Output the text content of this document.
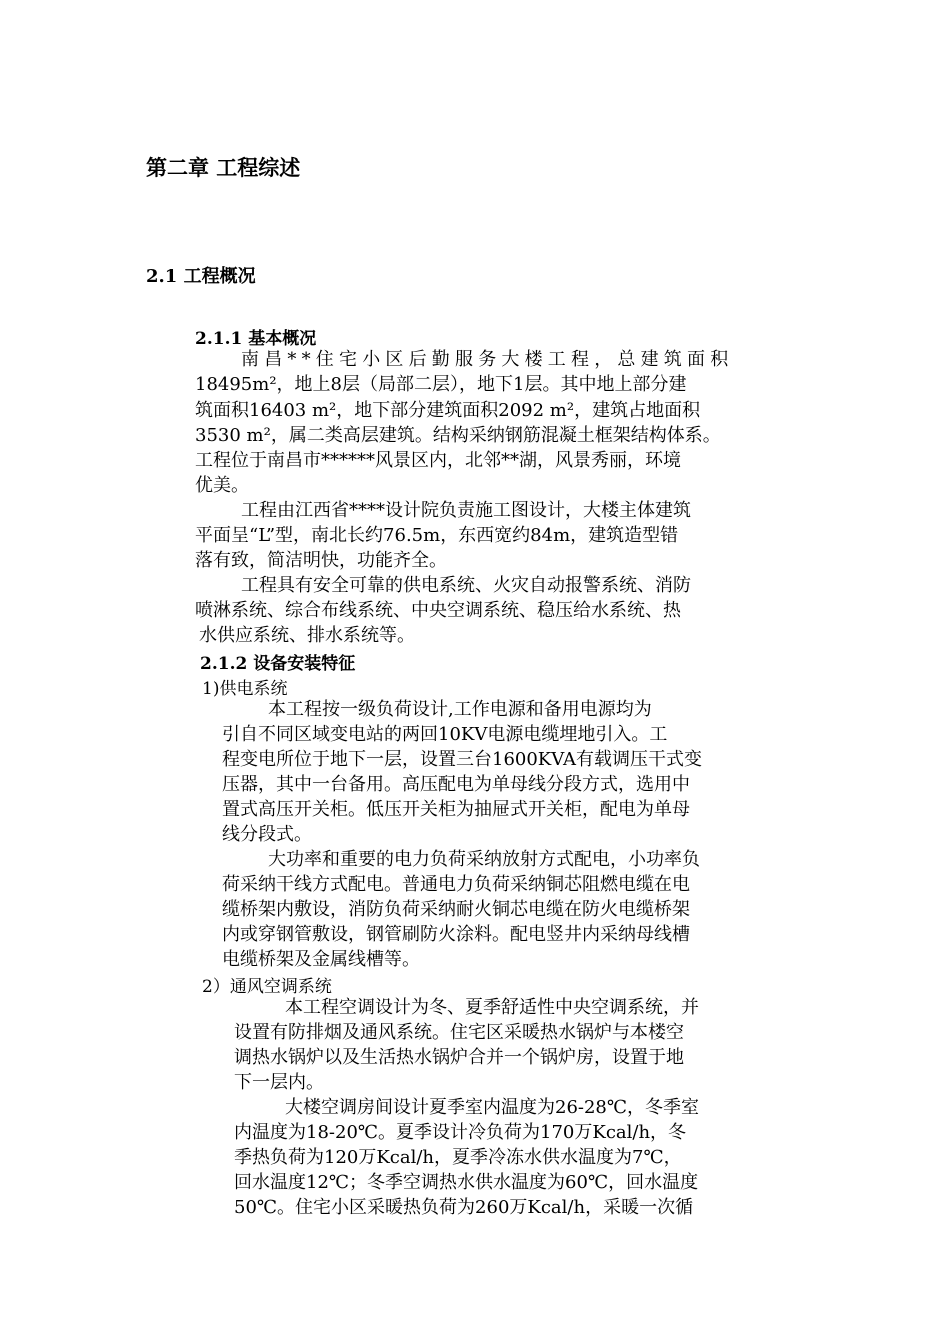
第二章 工程综述
2.1 工程概况
2.1.1 基本概况
南昌**住宅小区后勤服务大楼工程，总建筑面积
18495m²，地上8层（局部二层），地下1层。其中地上部分建
筑面积16403 m²，地下部分建筑面积2092 m²，建筑占地面积
3530 m²，属二类高层建筑。结构采纳钢筋混凝土框架结构体系。
工程位于南昌市******风景区内，北邻**湖，风景秀丽，环境
优美。
工程由江西省****设计院负责施工图设计，大楼主体建筑
平面呈“L”型，南北长约76.5m，东西宽约84m，建筑造型错
落有致，简洁明快，功能齐全。
工程具有安全可靠的供电系统、火灾自动报警系统、消防
喷淋系统、综合布线系统、中央空调系统、稳压给水系统、热
水供应系统、排水系统等。
2.1.2 设备安装特征
1)供电系统
本工程按一级负荷设计,工作电源和备用电源均为
引自不同区域变电站的两回10KV电源电缆埋地引入。工
程变电所位于地下一层，设置三台1600KVA有载调压干式变
压器，其中一台备用。高压配电为单母线分段方式，选用中
置式高压开关柜。低压开关柜为抽屉式开关柜，配电为单母
线分段式。
大功率和重要的电力负荷采纳放射方式配电，小功率负
荷采纳干线方式配电。普通电力负荷采纳铜芯阻燃电缆在电
缆桥架内敷设，消防负荷采纳耐火铜芯电缆在防火电缆桥架
内或穿钢管敷设，钢管刷防火涂料。配电竖井内采纳母线槽
电缆桥架及金属线槽等。
2）通风空调系统
本工程空调设计为冬、夏季舒适性中央空调系统，并
设置有防排烟及通风系统。住宅区采暖热水锅炉与本楼空
调热水锅炉以及生活热水锅炉合并一个锅炉房，设置于地
下一层内。
大楼空调房间设计夏季室内温度为26-28℃，冬季室
内温度为18-20℃。夏季设计冷负荷为170万Kcal/h，冬
季热负荷为120万Kcal/h，夏季冷冻水供水温度为7℃，
回水温度12℃；冬季空调热水供水温度为60℃，回水温度
50℃。住宅小区采暖热负荷为260万Kcal/h，采暖一次循
